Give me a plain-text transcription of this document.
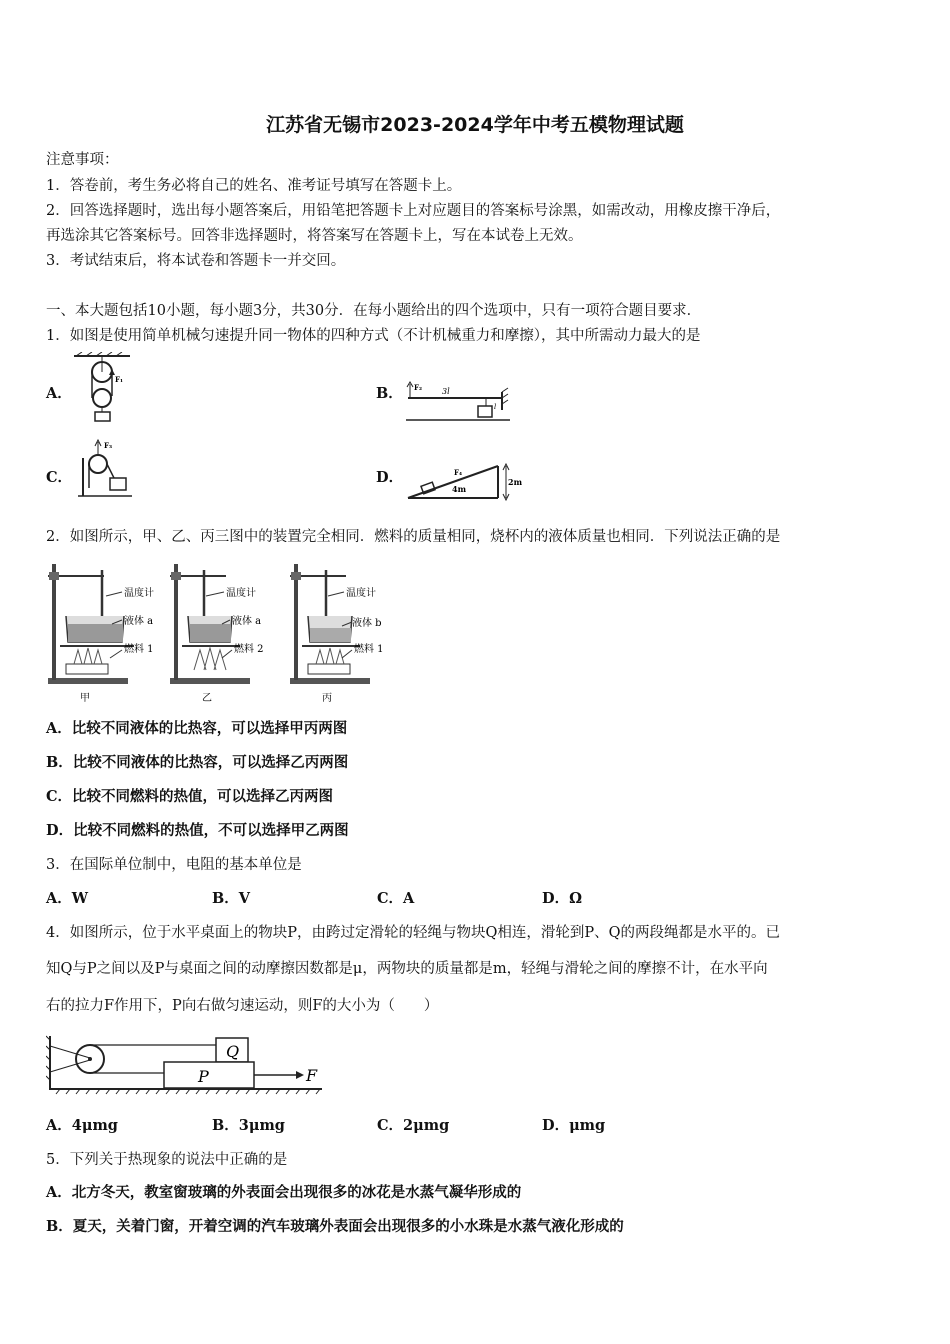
江苏省无锡市2023-2024学年中考五模物理试题
注意事项：
1．答卷前，考生务必将自己的姓名、准考证号填写在答题卡上。
2．回答选择题时，选出每小题答案后，用铅笔把答题卡上对应题目的答案标号涂黑，如需改动，用橡皮擦干净后，
再选涂其它答案标号。回答非选择题时，将答案写在答题卡上，写在本试卷上无效。
3．考试结束后，将本试卷和答题卡一并交回。
一、本大题包括10小题，每小题3分，共30分．在每小题给出的四个选项中，只有一项符合题目要求．
1．如图是使用简单机械匀速提升同一物体的四种方式（不计机械重力和摩擦），其中所需动力最大的是
A．
F₁
B． F₂ 3l
l
C．
F₃
D．	F₄
4m
2m
2．如图所示，甲、乙、丙三图中的装置完全相同．燃料的质量相同，烧杯内的液体质量也相同．下列说法正确的是
温度计
液体 a
燃料 1
甲
温度计
液体 a
燃料 2
乙
温度计
液体 b
燃料 1
丙
A．比较不同液体的比热容，可以选择甲丙两图
B．比较不同液体的比热容，可以选择乙丙两图
C．比较不同燃料的热值，可以选择乙丙两图
D．比较不同燃料的热值，不可以选择甲乙两图
3．在国际单位制中，电阻的基本单位是
A．W	B．V	C．A	D．Ω
4．如图所示，位于水平桌面上的物块P，由跨过定滑轮的轻绳与物块Q相连，滑轮到P、Q的两段绳都是水平的。已
知Q与P之间以及P与桌面之间的动摩擦因数都是μ，两物块的质量都是m，轻绳与滑轮之间的摩擦不计，在水平向
右的拉力F作用下，P向右做匀速运动，则F的大小为（　　）
Q
P	F
A．4μmg	B．3μmg	C．2μmg	D．μmg
5．下列关于热现象的说法中正确的是
A．北方冬天，教室窗玻璃的外表面会出现很多的冰花是水蒸气凝华形成的
B．夏天，关着门窗，开着空调的汽车玻璃外表面会出现很多的小水珠是水蒸气液化形成的
